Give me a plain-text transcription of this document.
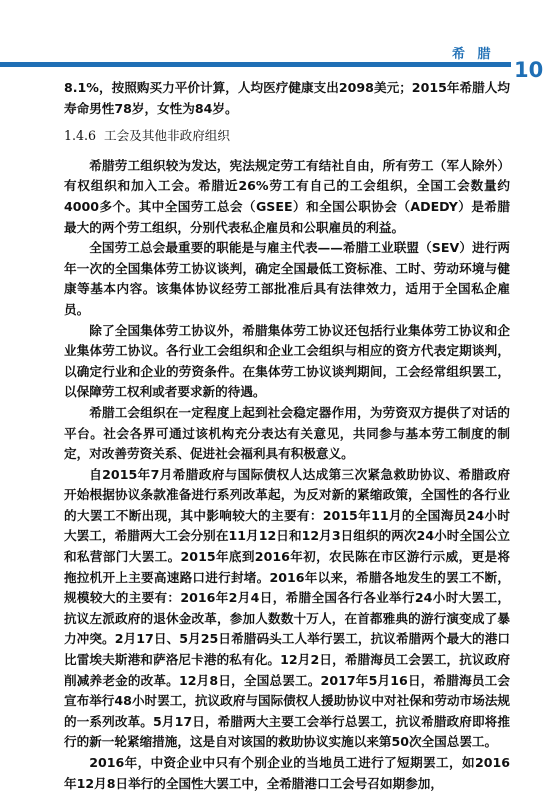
希 腊
10

8.1%，按照购买力平价计算，人均医疗健康支出2098美元；2015年希腊人均寿命男性78岁，女性为84岁。

1.4.6 工会及其他非政府组织

希腊劳工组织较为发达，宪法规定劳工有结社自由，所有劳工（军人除外）有权组织和加入工会。希腊近26%劳工有自己的工会组织，全国工会数量约4000多个。其中全国劳工总会（GSEE）和全国公职协会（ADEDY）是希腊最大的两个劳工组织，分别代表私企雇员和公职雇员的利益。

全国劳工总会最重要的职能是与雇主代表——希腊工业联盟（SEV）进行两年一次的全国集体劳工协议谈判，确定全国最低工资标准、工时、劳动环境与健康等基本内容。该集体协议经劳工部批准后具有法律效力，适用于全国私企雇员。

除了全国集体劳工协议外，希腊集体劳工协议还包括行业集体劳工协议和企业集体劳工协议。各行业工会组织和企业工会组织与相应的资方代表定期谈判，以确定行业和企业的劳资条件。在集体劳工协议谈判期间，工会经常组织罢工，以保障劳工权利或者要求新的待遇。

希腊工会组织在一定程度上起到社会稳定器作用，为劳资双方提供了对话的平台。社会各界可通过该机构充分表达有关意见，共同参与基本劳工制度的制定，对改善劳资关系、促进社会福利具有积极意义。

自2015年7月希腊政府与国际债权人达成第三次紧急救助协议、希腊政府开始根据协议条款准备进行系列改革起，为反对新的紧缩政策，全国性的各行业的大罢工不断出现，其中影响较大的主要有：2015年11月的全国海员24小时大罢工，希腊两大工会分别在11月12日和12月3日组织的两次24小时全国公立和私营部门大罢工。2015年底到2016年初，农民陈在市区游行示威，更是将拖拉机开上主要高速路口进行封堵。2016年以来，希腊各地发生的罢工不断，规模较大的主要有：2016年2月4日，希腊全国各行各业举行24小时大罢工，抗议左派政府的退休金改革，参加人数数十万人，在首都雅典的游行演变成了暴力冲突。2月17日、5月25日希腊码头工人举行罢工，抗议希腊两个最大的港口比雷埃夫斯港和萨洛尼卡港的私有化。12月2日，希腊海员工会罢工，抗议政府削减养老金的改革。12月8日，全国总罢工。2017年5月16日，希腊海员工会宣布举行48小时罢工，抗议政府与国际债权人援助协议中对社保和劳动市场法规的一系列改革。5月17日，希腊两大主要工会举行总罢工，抗议希腊政府即将推行的新一轮紧缩措施，这是自对该国的救助协议实施以来第50次全国总罢工。

2016年，中资企业中只有个别企业的当地员工进行了短期罢工，如2016年12月8日举行的全国性大罢工中，全希腊港口工会号召如期参加，
